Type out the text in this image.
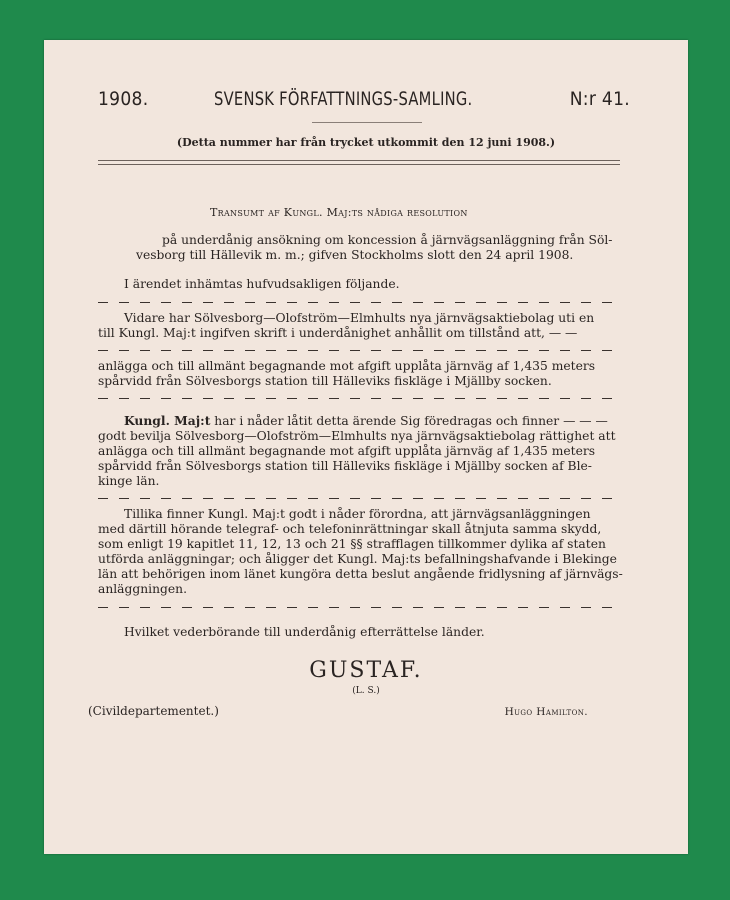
1908.	SVENSK FÖRFATTNINGS-SAMLING.	N:r 41.
(Detta nummer har från trycket utkommit den 12 juni 1908.)
Transumt af Kungl. Maj:ts nådiga resolution
på underdånig ansökning om koncession å järnvägsanläggning från Söl-
vesborg till Hällevik m. m.; gifven Stockholms slott den 24 april 1908.
I ärendet inhämtas hufvudsakligen följande.
Vidare har Sölvesborg—Olofström—Elmhults nya järnvägsaktiebolag uti en
till Kungl. Maj:t ingifven skrift i underdånighet anhållit om tillstånd att, — —
anlägga och till allmänt begagnande mot afgift upplåta järnväg af 1,435 meters
spårvidd från Sölvesborgs station till Hälleviks fiskläge i Mjällby socken.
Kungl. Maj:t har i nåder låtit detta ärende Sig föredragas och finner — — —
godt bevilja Sölvesborg—Olofström—Elmhults nya järnvägsaktiebolag rättighet att
anlägga och till allmänt begagnande mot afgift upplåta järnväg af 1,435 meters
spårvidd från Sölvesborgs station till Hälleviks fiskläge i Mjällby socken af Ble-
kinge län.
Tillika finner Kungl. Maj:t godt i nåder förordna, att järnvägsanläggningen
med därtill hörande telegraf- och telefoninrättningar skall åtnjuta samma skydd,
som enligt 19 kapitlet 11, 12, 13 och 21 §§ strafflagen tillkommer dylika af staten
utförda anläggningar; och åligger det Kungl. Maj:ts befallningshafvande i Blekinge
län att behörigen inom länet kungöra detta beslut angående fridlysning af järnvägs-
anläggningen.
Hvilket vederbörande till underdånig efterrättelse länder.
GUSTAF.
(L. S.)
(Civildepartementet.)	Hugo Hamilton.
